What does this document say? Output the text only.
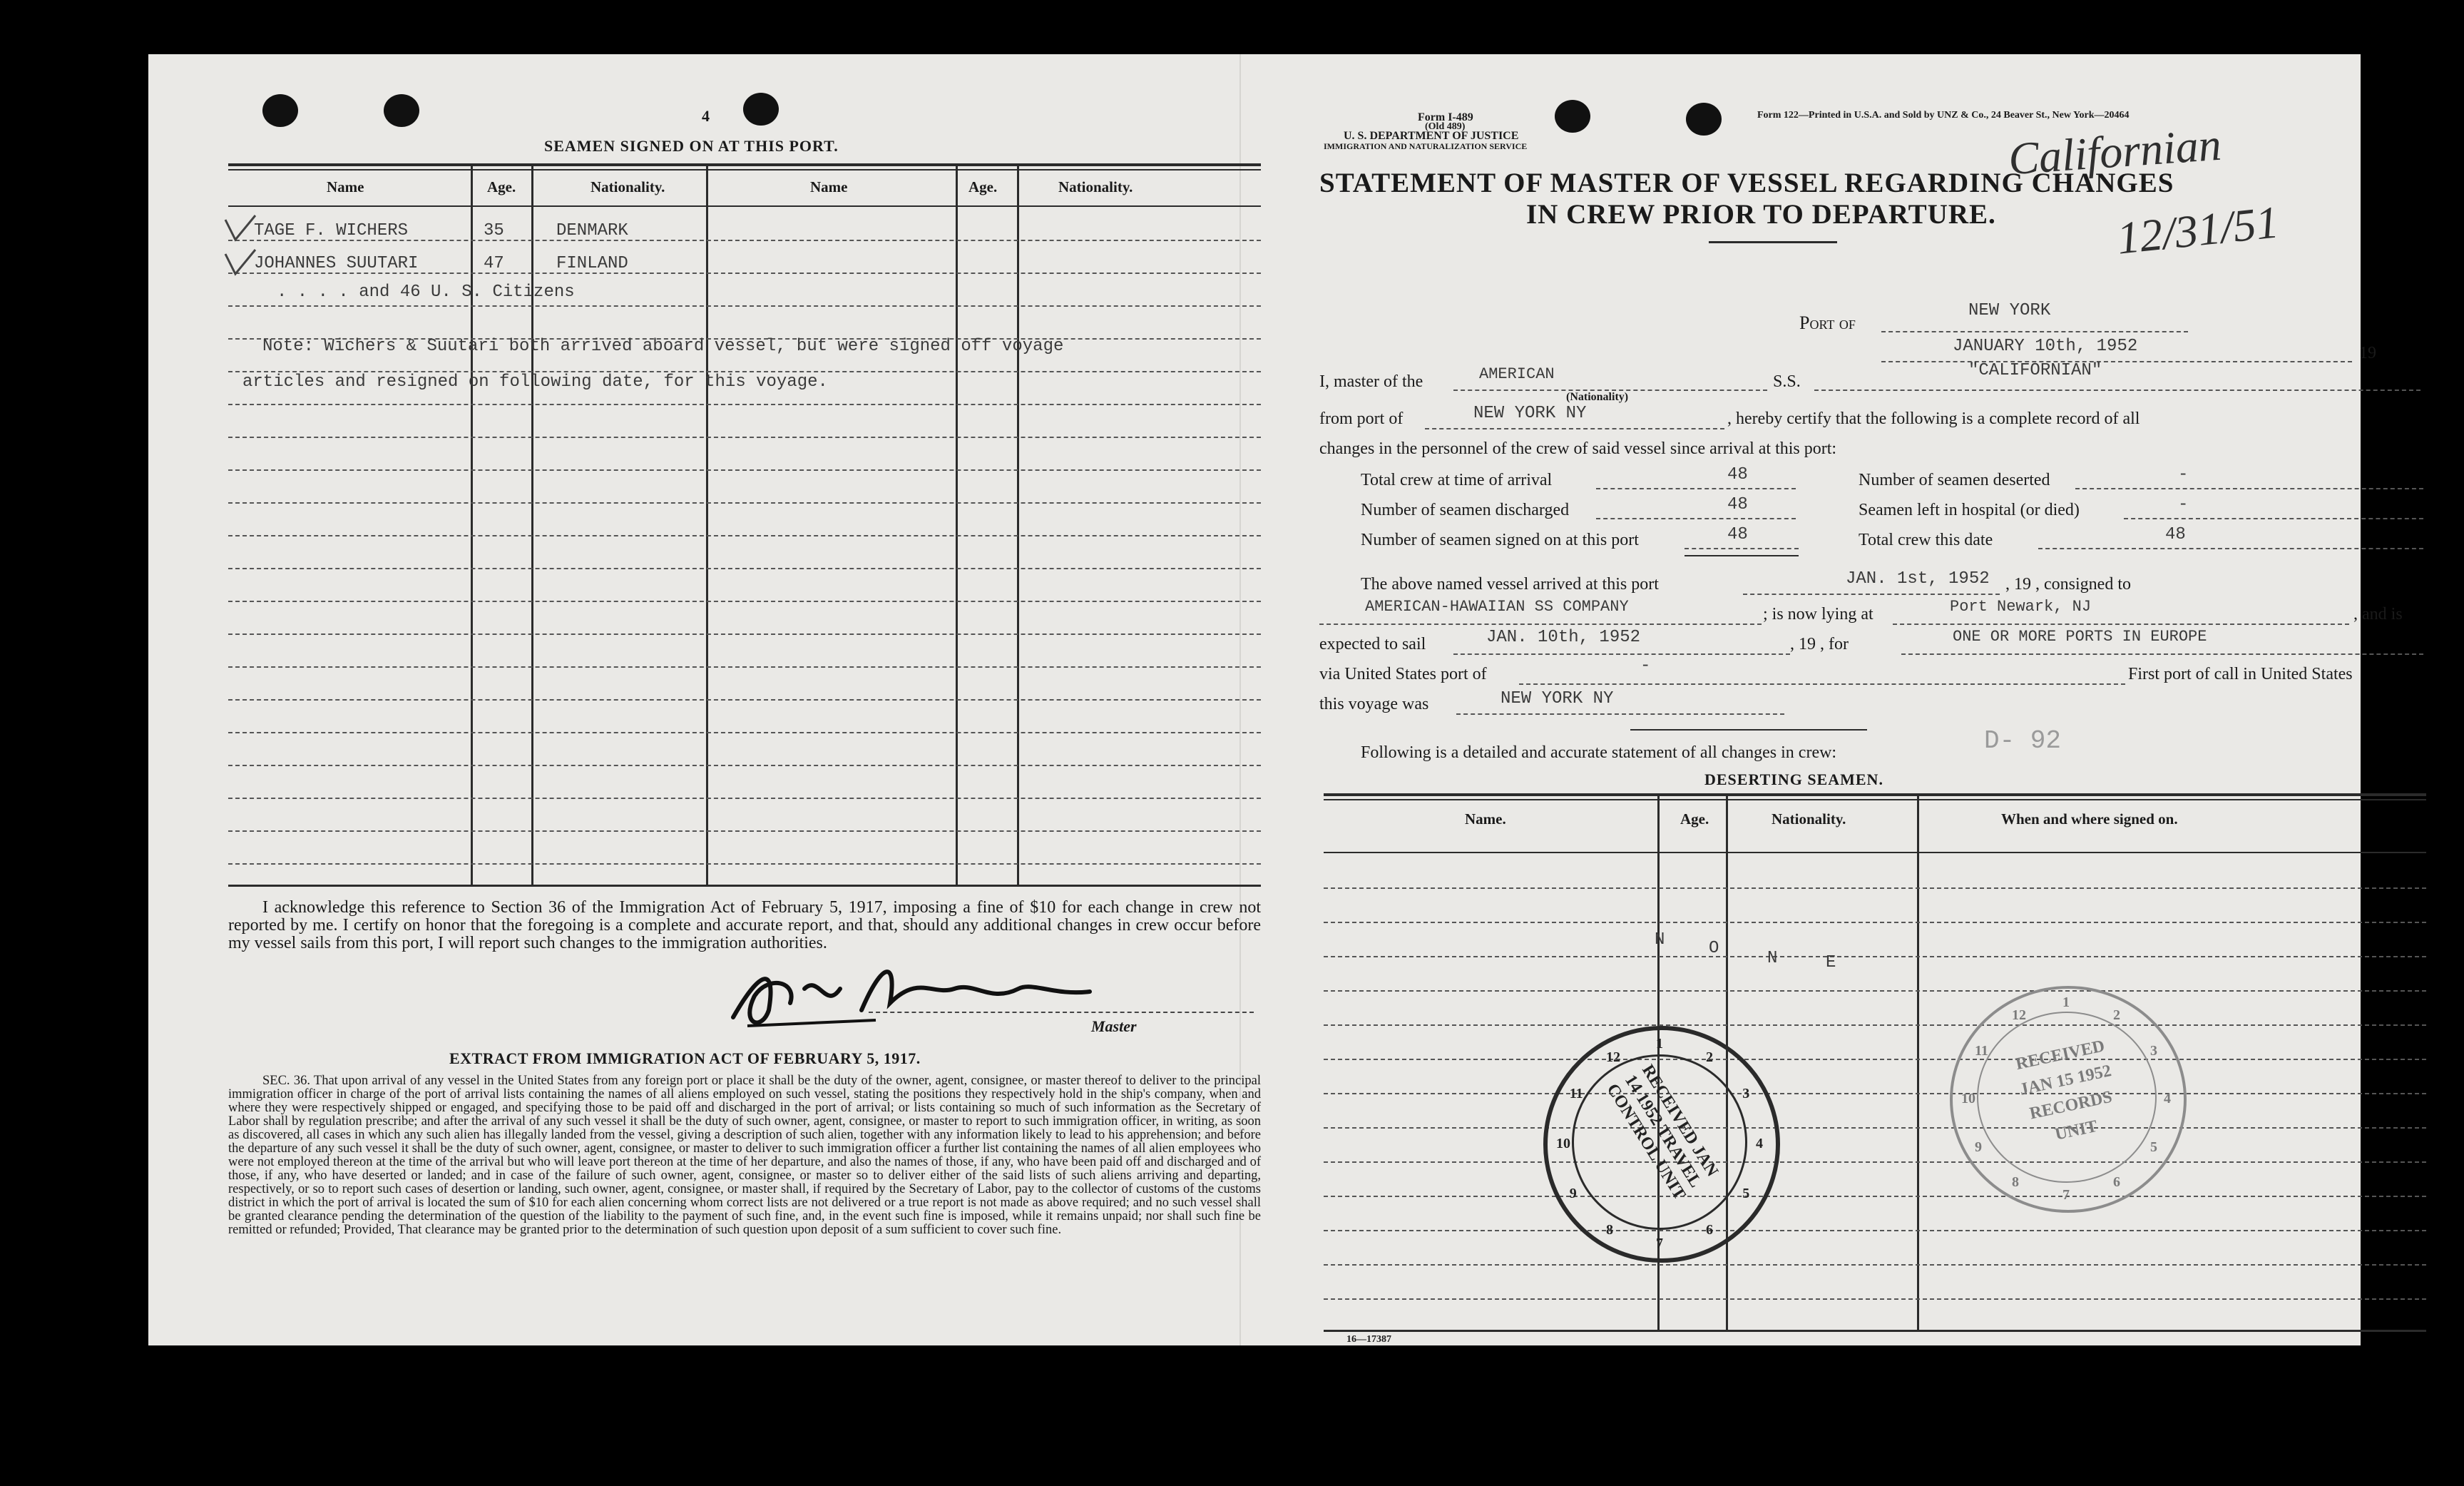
4
SEAMEN SIGNED ON AT THIS PORT.
Name	Age.	Nationality.	Name	Age.	Nationality.
TAGE F. WICHERS	35	DENMARK
JOHANNES SUUTARI	47	FINLAND
. . . . and 46 U. S. Citizens
Note: Wichers & Suutari both arrived aboard vessel, but were signed off voyage
articles and resigned on following date, for this voyage.
I acknowledge this reference to Section 36 of the Immigration Act of February 5, 1917, imposing a fine of $10 for each change in crew not reported by me. I certify on honor that the foregoing is a complete and accurate report, and that, should any additional changes in crew occur before my vessel sails from this port, I will report such changes to the immigration authorities.
Master
EXTRACT FROM IMMIGRATION ACT OF FEBRUARY 5, 1917.
SEC. 36. That upon arrival of any vessel in the United States from any foreign port or place it shall be the duty of the owner, agent, consignee, or master thereof to deliver to the principal immigration officer in charge of the port of arrival lists containing the names of all aliens employed on such vessel, stating the positions they respectively hold in the ship's company, when and where they were respectively shipped or engaged, and specifying those to be paid off and discharged in the port of arrival; or lists containing so much of such information as the Secretary of Labor shall by regulation prescribe; and after the arrival of any such vessel it shall be the duty of such owner, agent, consignee, or master to report to such immigration officer, in writing, as soon as discovered, all cases in which any such alien has illegally landed from the vessel, giving a description of such alien, together with any information likely to lead to his apprehension; and before the departure of any such vessel it shall be the duty of such owner, agent, consignee, or master to deliver to such immigration officer a further list containing the names of all alien employees who were not employed thereon at the time of the arrival but who will leave port thereon at the time of her departure, and also the names of those, if any, who have been paid off and discharged and of those, if any, who have deserted or landed; and in case of the failure of such owner, agent, consignee, or master so to deliver either of the said lists of such aliens arriving and departing, respectively, or so to report such cases of desertion or landing, such owner, agent, consignee, or master shall, if required by the Secretary of Labor, pay to the collector of customs of the customs district in which the port of arrival is located the sum of $10 for each alien concerning whom correct lists are not delivered or a true report is not made as above required; and no such vessel shall be granted clearance pending the determination of the question of the liability to the payment of such fine, and, in the event such fine is imposed, while it remains unpaid; nor shall such fine be remitted or refunded; Provided, That clearance may be granted prior to the determination of such question upon deposit of a sum sufficient to cover such fine.
Form I-489
(Old 489)
U. S. DEPARTMENT OF JUSTICE
IMMIGRATION AND NATURALIZATION SERVICE
Form 122—Printed in U.S.A. and Sold by UNZ & Co., 24 Beaver St., New York—20464
Californian
12/31/51
STATEMENT OF MASTER OF VESSEL REGARDING CHANGES
IN CREW PRIOR TO DEPARTURE.
Port of
NEW YORK
JANUARY 10th, 1952	19
I, master of the	AMERICAN
(Nationality)
S.S.
"CALIFORNIAN"
from port of	NEW YORK NY	, hereby certify that the following is a complete record of all
changes in the personnel of the crew of said vessel since arrival at this port:
Total crew at time of arrival	48	Number of seamen deserted	-
Number of seamen discharged	48	Seamen left in hospital (or died)	-
Number of seamen signed on at this port	48	Total crew this date	48
The above named vessel arrived at this port	JAN. 1st, 1952 , 19 , consigned to
AMERICAN-HAWAIIAN SS COMPANY	; is now lying at	Port Newark, NJ	, and is
expected to sail	JAN. 10th, 1952	, 19 , for	ONE OR MORE PORTS IN EUROPE
via United States port of	-	First port of call in United States
this voyage was	NEW YORK NY
Following is a detailed and accurate statement of all changes in crew:	D- 92
DESERTING SEAMEN.
Name.	Age.	Nationality.	When and where signed on.
N	O
N	E
RECEIVED JAN 14 1952 TRAVEL CONTROL UNIT
1
2
3
4
5
6
7
8
9
10
11
12	RECEIVED JAN 15 1952 RECORDS UNIT
1
2
3
4
5
6
7
8
9
10
11
12
16—17387
